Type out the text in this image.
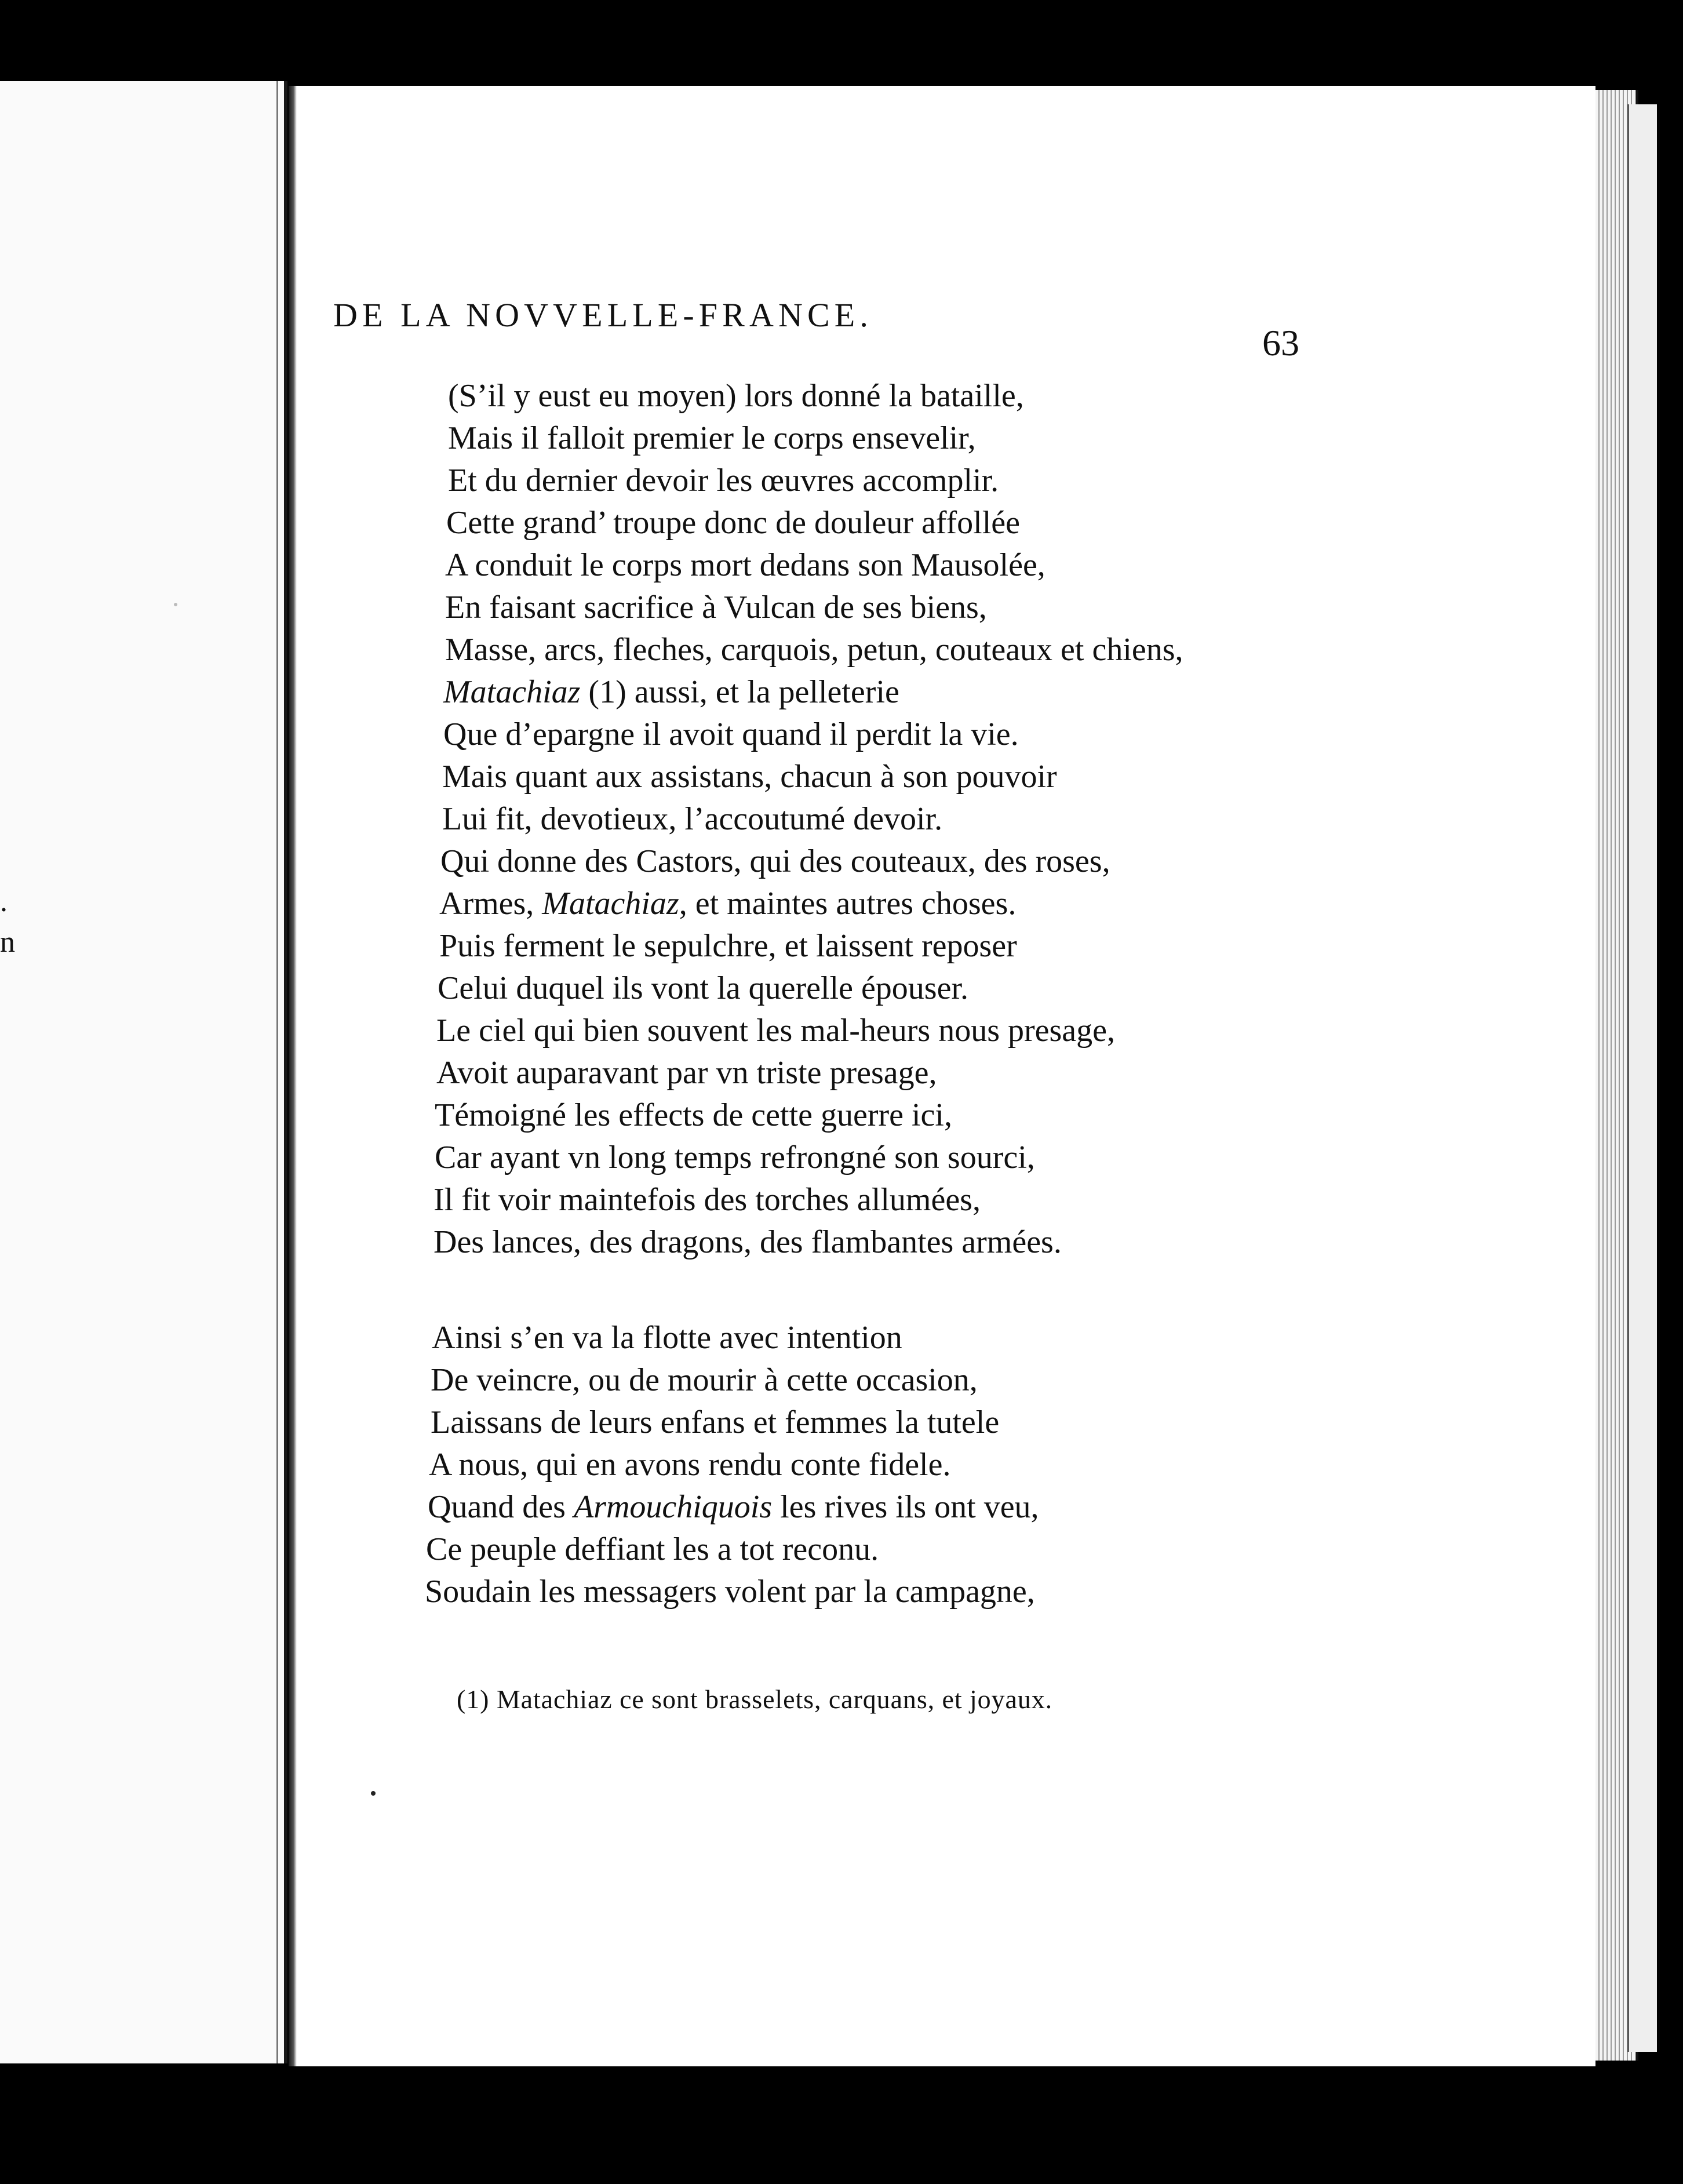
.
n
DE LA NOVVELLE-FRANCE.
63
(S’il y eust eu moyen) lors donné la bataille,
Mais il falloit premier le corps ensevelir,
Et du dernier devoir les œuvres accomplir.
Cette grand’ troupe donc de douleur affollée
A conduit le corps mort dedans son Mausolée,
En faisant sacrifice à Vulcan de ses biens,
Masse, arcs, fleches, carquois, petun, couteaux et chiens,
Matachiaz (1) aussi, et la pelleterie
Que d’epargne il avoit quand il perdit la vie.
Mais quant aux assistans, chacun à son pouvoir
Lui fit, devotieux, l’accoutumé devoir.
Qui donne des Castors, qui des couteaux, des roses,
Armes, Matachiaz, et maintes autres choses.
Puis ferment le sepulchre, et laissent reposer
Celui duquel ils vont la querelle épouser.
Le ciel qui bien souvent les mal-heurs nous presage,
Avoit auparavant par vn triste presage,
Témoigné les effects de cette guerre ici,
Car ayant vn long temps refrongné son sourci,
Il fit voir maintefois des torches allumées,
Des lances, des dragons, des flambantes armées.
Ainsi s’en va la flotte avec intention
De veincre, ou de mourir à cette occasion,
Laissans de leurs enfans et femmes la tutele
A nous, qui en avons rendu conte fidele.
Quand des Armouchiquois les rives ils ont veu,
Ce peuple deffiant les a tot reconu.
Soudain les messagers volent par la campagne,
(1) Matachiaz ce sont brasselets, carquans, et joyaux.
